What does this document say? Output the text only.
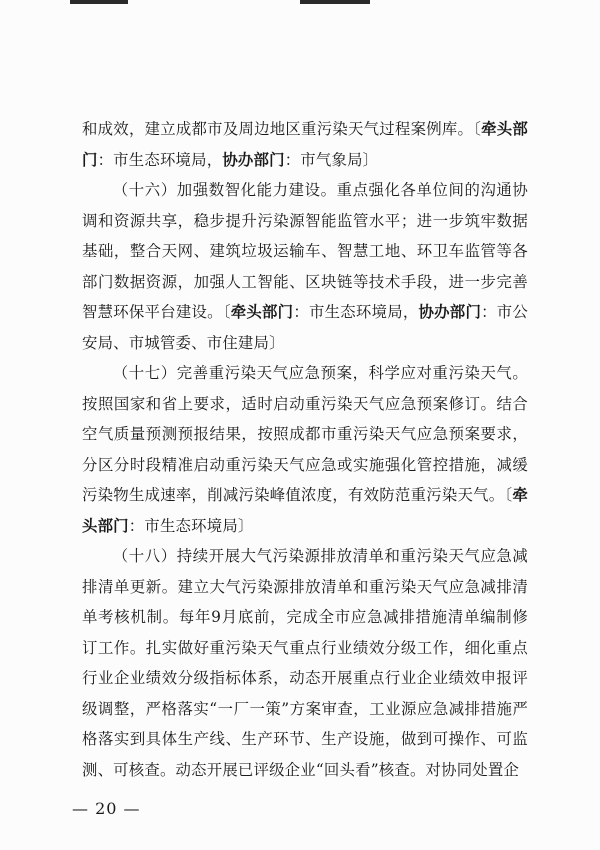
和成效，建立成都市及周边地区重污染天气过程案例库。〔牵头部门：市生态环境局，协办部门：市气象局〕

（十六）加强数智化能力建设。重点强化各单位间的沟通协调和资源共享，稳步提升污染源智能监管水平；进一步筑牢数据基础，整合天网、建筑垃圾运输车、智慧工地、环卫车监管等各部门数据资源，加强人工智能、区块链等技术手段，进一步完善智慧环保平台建设。〔牵头部门：市生态环境局，协办部门：市公安局、市城管委、市住建局〕

（十七）完善重污染天气应急预案，科学应对重污染天气。按照国家和省上要求，适时启动重污染天气应急预案修订。结合空气质量预测预报结果，按照成都市重污染天气应急预案要求，分区分时段精准启动重污染天气应急或实施强化管控措施，减缓污染物生成速率，削减污染峰值浓度，有效防范重污染天气。〔牵头部门：市生态环境局〕

（十八）持续开展大气污染源排放清单和重污染天气应急减排清单更新。建立大气污染源排放清单和重污染天气应急减排清单考核机制。每年9月底前，完成全市应急减排措施清单编制修订工作。扎实做好重污染天气重点行业绩效分级工作，细化重点行业企业绩效分级指标体系，动态开展重点行业企业绩效申报评级调整，严格落实“一厂一策”方案审查，工业源应急减排措施严格落实到具体生产线、生产环节、生产设施，做到可操作、可监测、可核查。动态开展已评级企业“回头看”核查。对协同处置企

— 20 —
